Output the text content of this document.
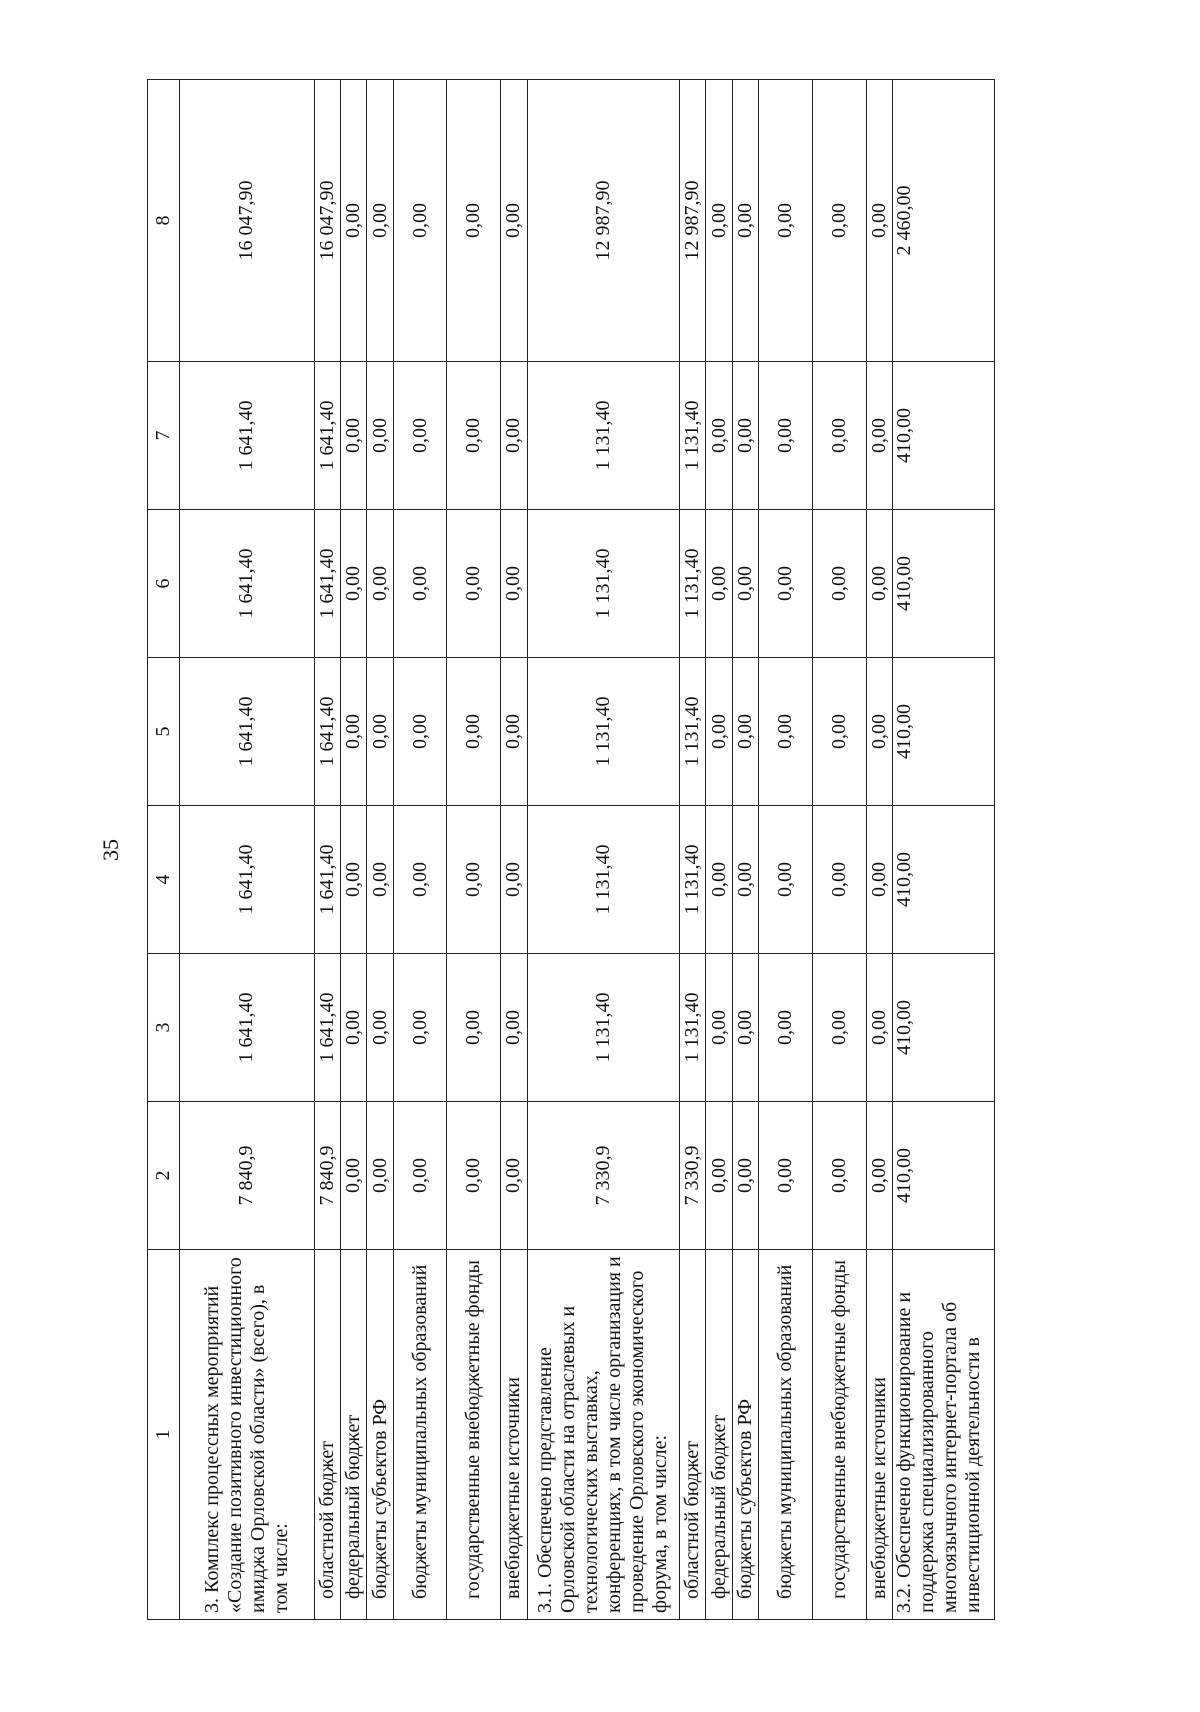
35
1	2	3	4	5	6	7	8
3. Комплекс процессных мероприятий «Создание позитивного инвестиционного имиджа Орловской области» (всего), в том числе:	7 840,9	1 641,40	1 641,40	1 641,40	1 641,40	1 641,40	16 047,90
областной бюджет	7 840,9	1 641,40	1 641,40	1 641,40	1 641,40	1 641,40	16 047,90
федеральный бюджет	0,00	0,00	0,00	0,00	0,00	0,00	0,00
бюджеты субъектов РФ	0,00	0,00	0,00	0,00	0,00	0,00	0,00
бюджеты муниципальных образований	0,00	0,00	0,00	0,00	0,00	0,00	0,00
государственные внебюджетные фонды	0,00	0,00	0,00	0,00	0,00	0,00	0,00
внебюджетные источники	0,00	0,00	0,00	0,00	0,00	0,00	0,00
3.1. Обеспечено представление Орловской области на отраслевых и технологических выставках, конференциях, в том числе организация и проведение Орловского экономического форума, в том числе:	7 330,9	1 131,40	1 131,40	1 131,40	1 131,40	1 131,40	12 987,90
областной бюджет	7 330,9	1 131,40	1 131,40	1 131,40	1 131,40	1 131,40	12 987,90
федеральный бюджет	0,00	0,00	0,00	0,00	0,00	0,00	0,00
бюджеты субъектов РФ	0,00	0,00	0,00	0,00	0,00	0,00	0,00
бюджеты муниципальных образований	0,00	0,00	0,00	0,00	0,00	0,00	0,00
государственные внебюджетные фонды	0,00	0,00	0,00	0,00	0,00	0,00	0,00
внебюджетные источники	0,00	0,00	0,00	0,00	0,00	0,00	0,00
3.2. Обеспечено функционирование и поддержка специализированного многоязычного интернет-портала об инвестиционной деятельности в	410,00	410,00	410,00	410,00	410,00	410,00	2 460,00
